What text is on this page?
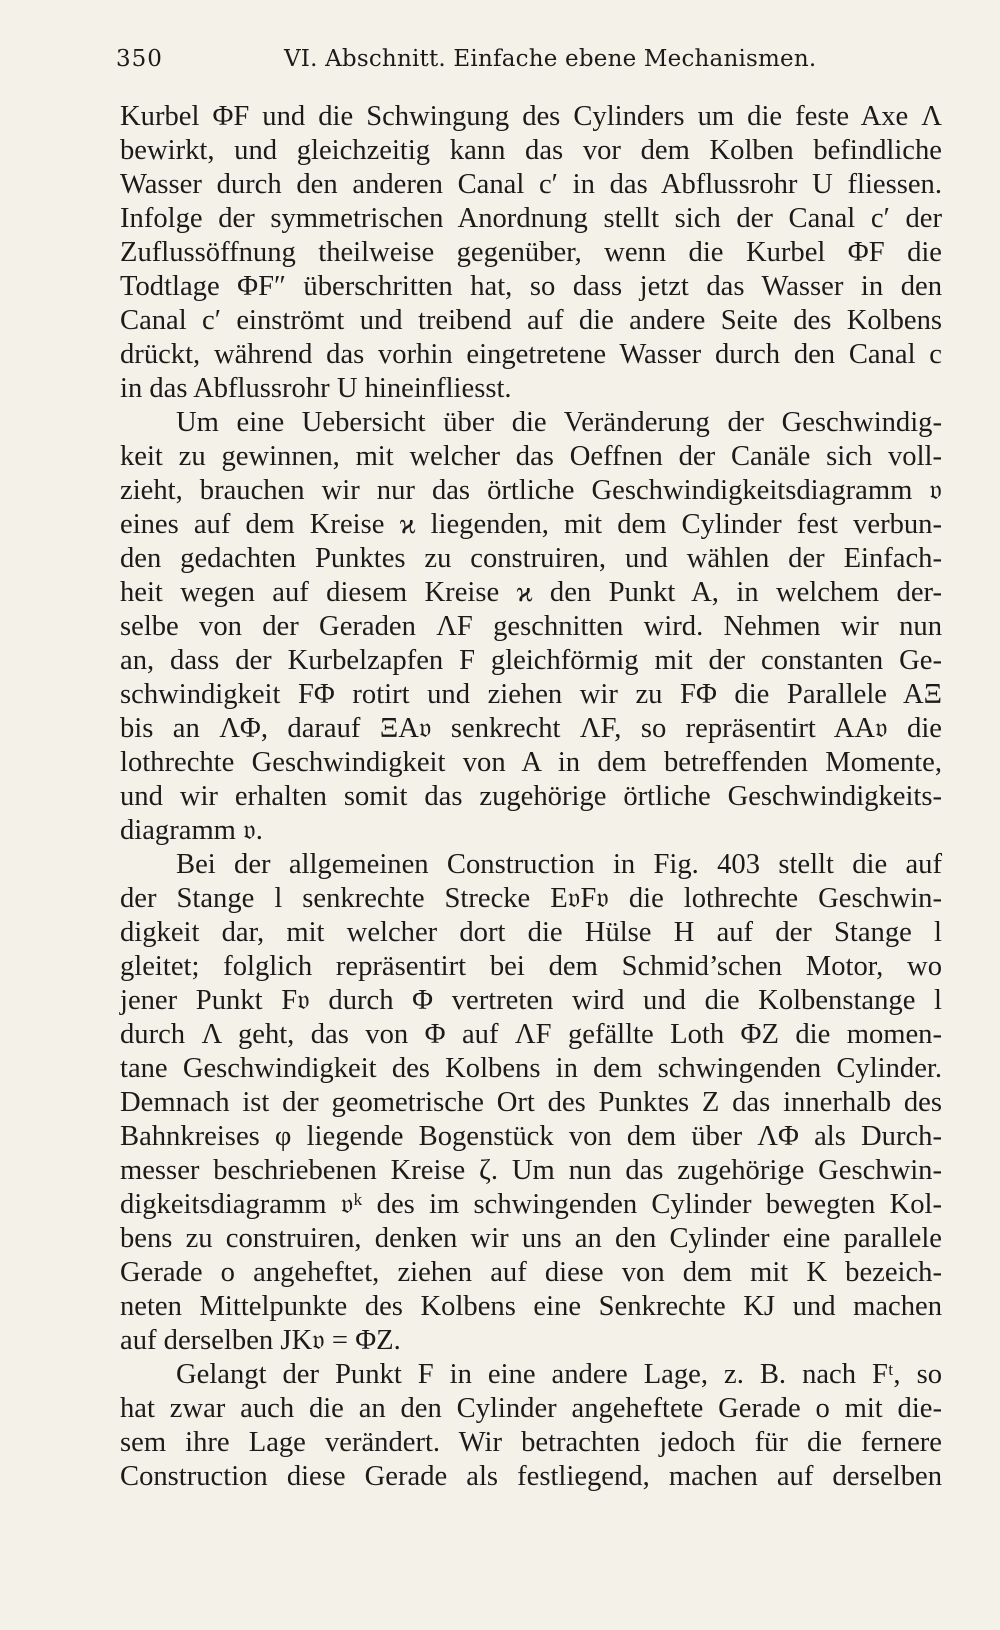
350	VI. Abschnitt. Einfache ebene Mechanismen.
Kurbel ΦF und die Schwingung des Cylinders um die feste Axe Λ
bewirkt, und gleichzeitig kann das vor dem Kolben befindliche
Wasser durch den anderen Canal c′ in das Abflussrohr U fliessen.
Infolge der symmetrischen Anordnung stellt sich der Canal c′ der
Zuflussöffnung theilweise gegenüber, wenn die Kurbel ΦF die
Todtlage ΦF″ überschritten hat, so dass jetzt das Wasser in den
Canal c′ einströmt und treibend auf die andere Seite des Kolbens
drückt, während das vorhin eingetretene Wasser durch den Canal c
in das Abflussrohr U hineinfliesst.
Um eine Uebersicht über die Veränderung der Geschwindig-
keit zu gewinnen, mit welcher das Oeffnen der Canäle sich voll-
zieht, brauchen wir nur das örtliche Geschwindigkeitsdiagramm 𝔳
eines auf dem Kreise ϰ liegenden, mit dem Cylinder fest verbun-
den gedachten Punktes zu construiren, und wählen der Einfach-
heit wegen auf diesem Kreise ϰ den Punkt A, in welchem der-
selbe von der Geraden ΛF geschnitten wird. Nehmen wir nun
an, dass der Kurbelzapfen F gleichförmig mit der constanten Ge-
schwindigkeit FΦ rotirt und ziehen wir zu FΦ die Parallele AΞ
bis an ΛΦ, darauf ΞA𝔳 senkrecht ΛF, so repräsentirt AA𝔳 die
lothrechte Geschwindigkeit von A in dem betreffenden Momente,
und wir erhalten somit das zugehörige örtliche Geschwindigkeits-
diagramm 𝔳.
Bei der allgemeinen Construction in Fig. 403 stellt die auf
der Stange l senkrechte Strecke E𝔳F𝔳 die lothrechte Geschwin-
digkeit dar, mit welcher dort die Hülse H auf der Stange l
gleitet; folglich repräsentirt bei dem Schmid’schen Motor, wo
jener Punkt F𝔳 durch Φ vertreten wird und die Kolbenstange l
durch Λ geht, das von Φ auf ΛF gefällte Loth ΦZ die momen-
tane Geschwindigkeit des Kolbens in dem schwingenden Cylinder.
Demnach ist der geometrische Ort des Punktes Z das innerhalb des
Bahnkreises φ liegende Bogenstück von dem über ΛΦ als Durch-
messer beschriebenen Kreise ζ. Um nun das zugehörige Geschwin-
digkeitsdiagramm 𝔳ᵏ des im schwingenden Cylinder bewegten Kol-
bens zu construiren, denken wir uns an den Cylinder eine parallele
Gerade o angeheftet, ziehen auf diese von dem mit K bezeich-
neten Mittelpunkte des Kolbens eine Senkrechte KJ und machen
auf derselben JK𝔳 = ΦZ.
Gelangt der Punkt F in eine andere Lage, z. B. nach Fᵗ, so
hat zwar auch die an den Cylinder angeheftete Gerade o mit die-
sem ihre Lage verändert. Wir betrachten jedoch für die fernere
Construction diese Gerade als festliegend, machen auf derselben
